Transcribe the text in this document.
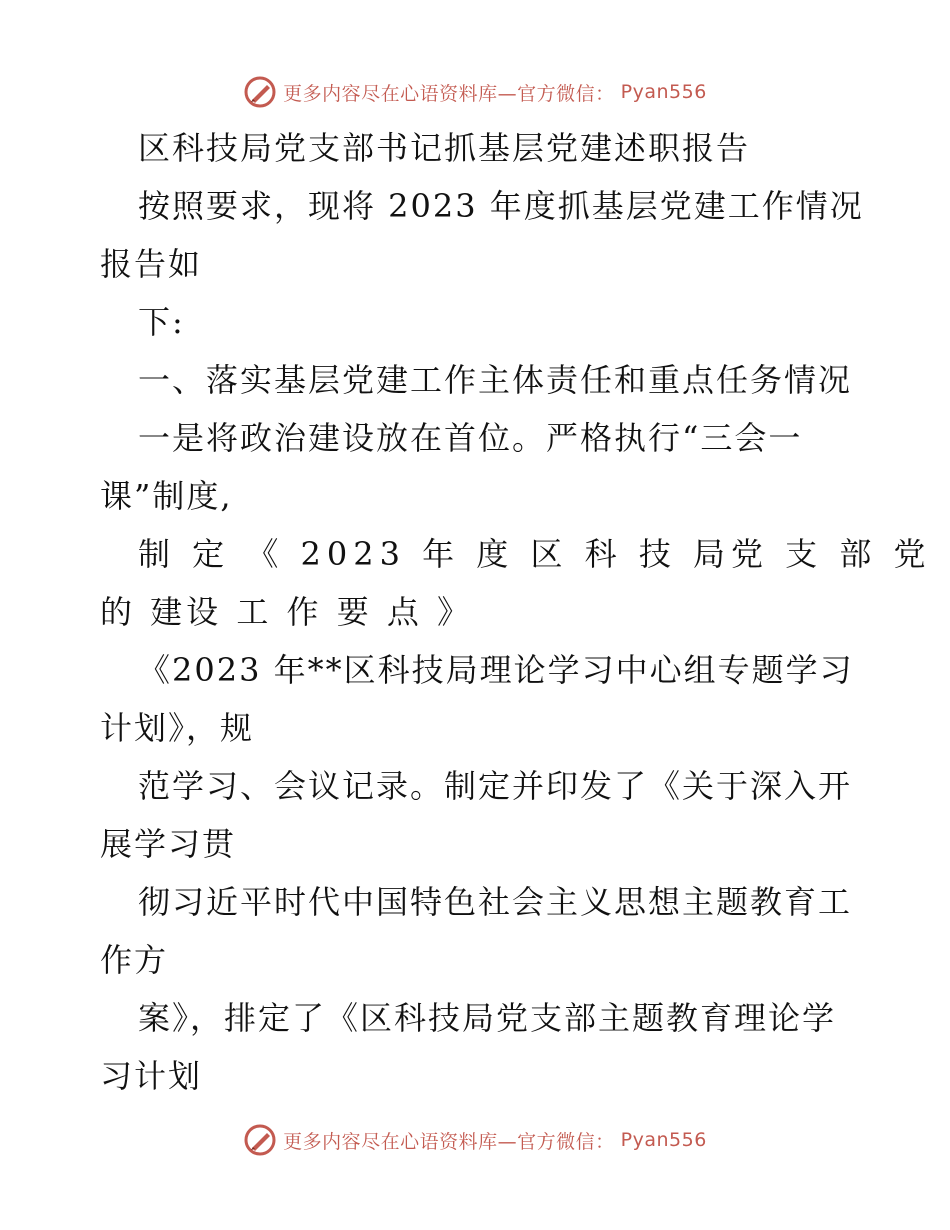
更多内容尽在心语资料库—官方微信： Pyan556
区科技局党支部书记抓基层党建述职报告
按照要求，现将 2023 年度抓基层党建工作情况
报告如
下:
一、落实基层党建工作主体责任和重点任务情况
一是将政治建设放在首位。严格执行“三会一
课”制度,
制 定 《 2023 年 度 区 科 技 局党 支 部 党
的 建设 工 作 要 点 》
《2023 年**区科技局理论学习中心组专题学习
计划》，规
范学习、会议记录。制定并印发了《关于深入开
展学习贯
彻习近平时代中国特色社会主义思想主题教育工
作方
案》，排定了《区科技局党支部主题教育理论学
习计划
更多内容尽在心语资料库—官方微信： Pyan556
